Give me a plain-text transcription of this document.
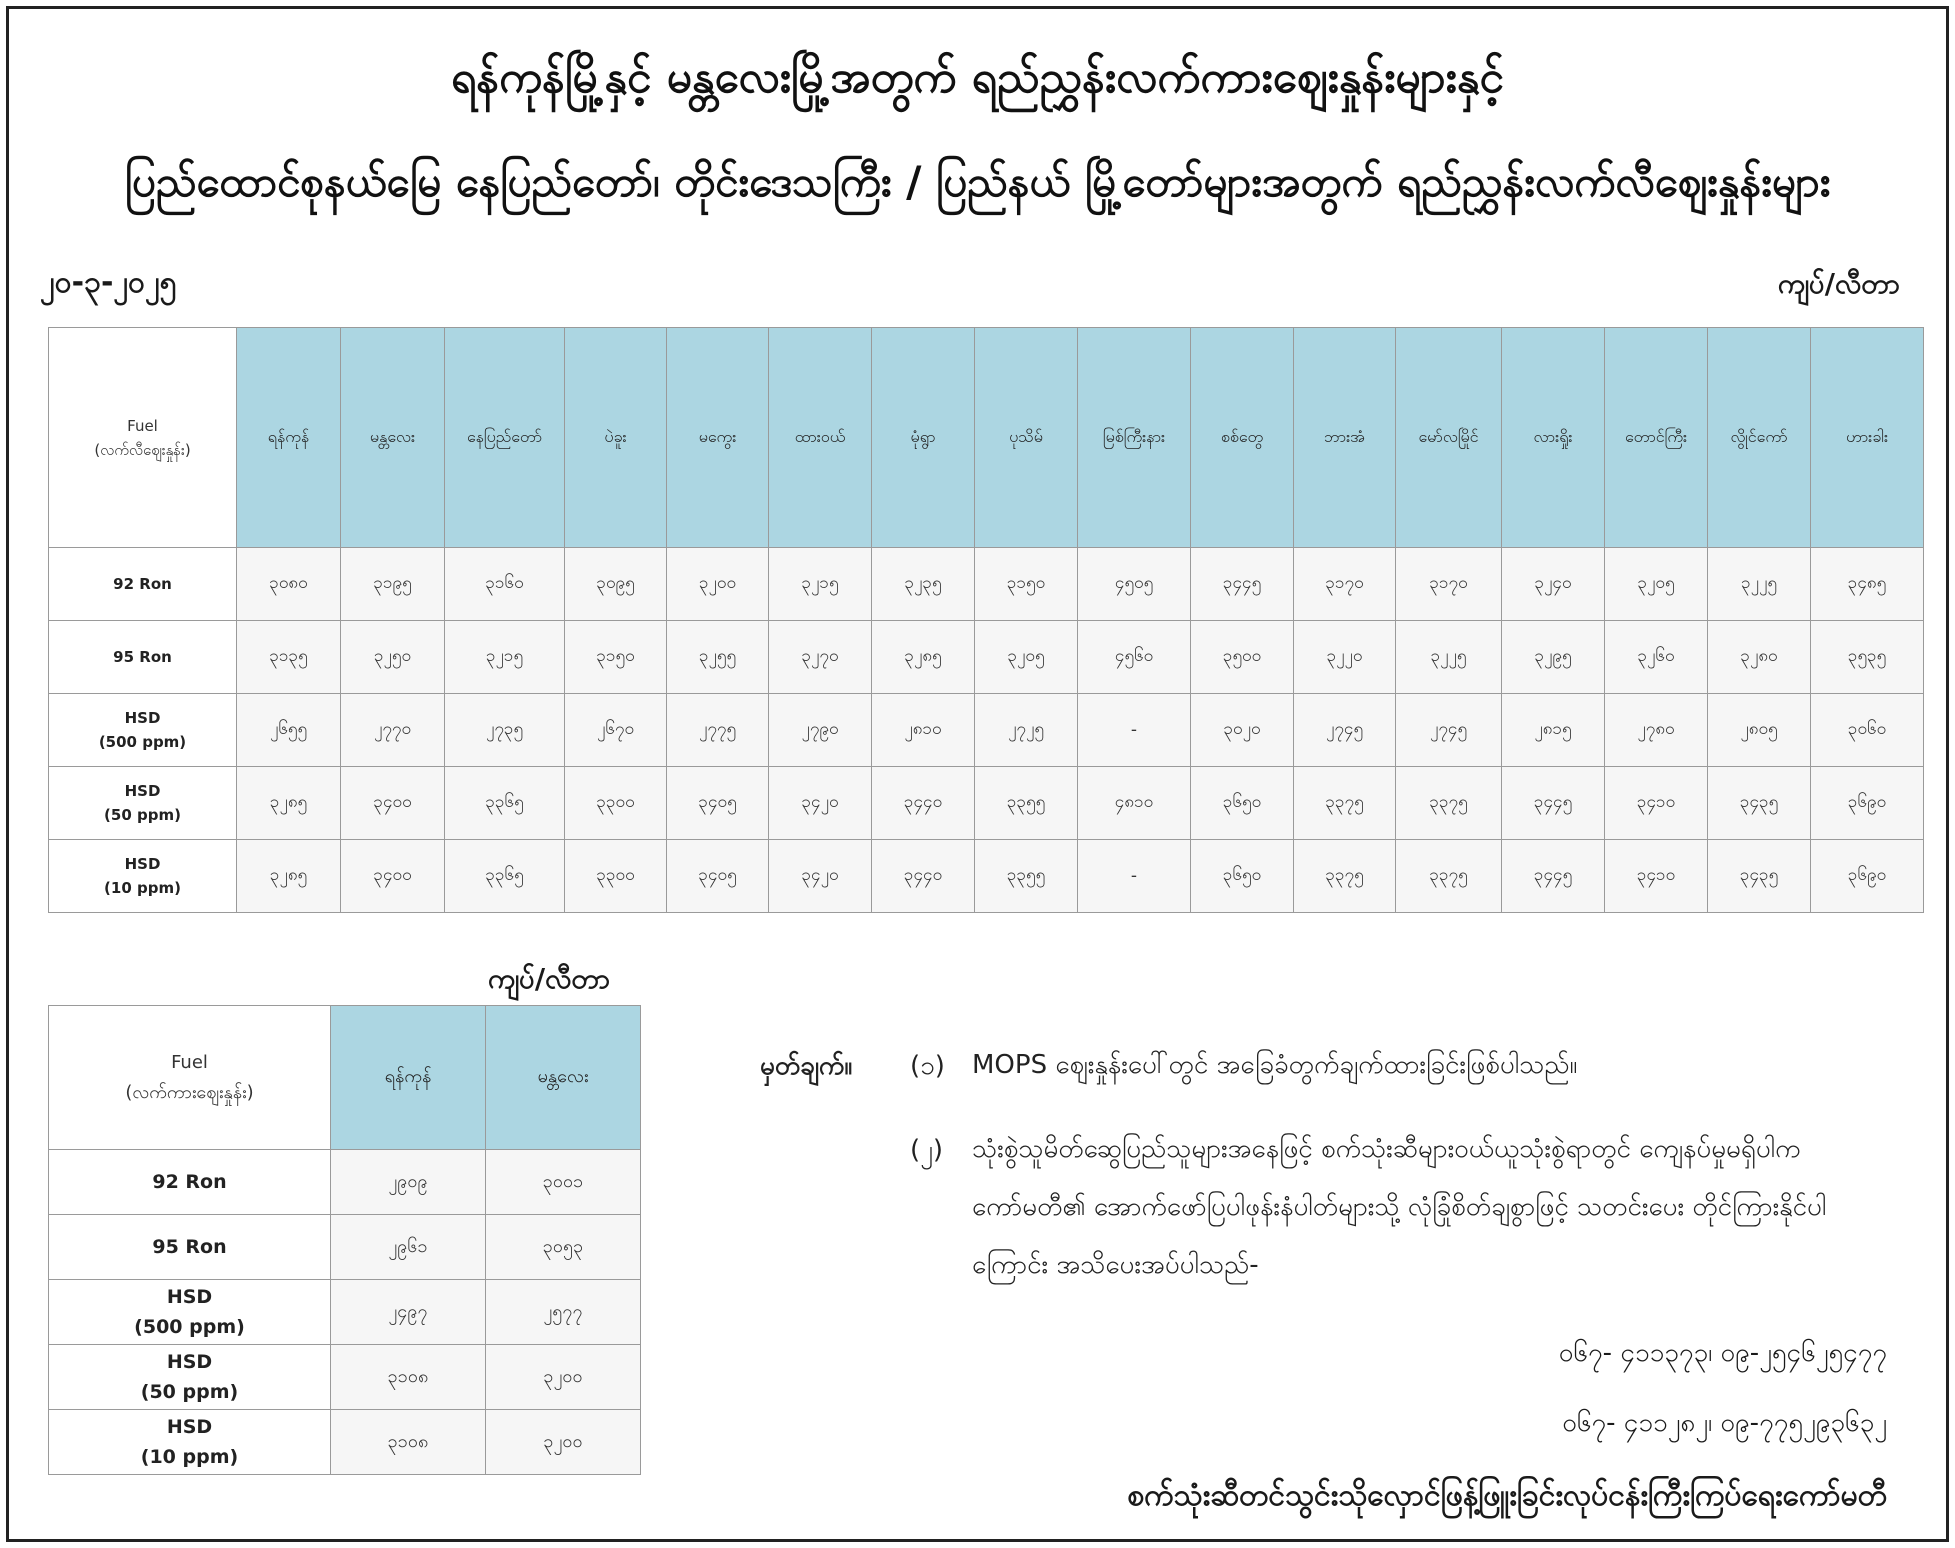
ရန်ကုန်မြို့နှင့် မန္တလေးမြို့အတွက် ရည်ညွှန်းလက်ကားဈေးနှုန်းများနှင့်
ပြည်ထောင်စုနယ်မြေ နေပြည်တော်၊ တိုင်းဒေသကြီး / ပြည်နယ် မြို့တော်များအတွက် ရည်ညွှန်းလက်လီဈေးနှုန်းများ
၂၀-၃-၂၀၂၅	ကျပ်/လီတာ
Fuel
(လက်လီဈေးနှုန်း)	ရန်ကုန်	မန္တလေး	နေပြည်တော်	ပဲခူး	မကွေး	ထားဝယ်	မုံရွာ	ပုသိမ်	မြစ်ကြီးနား	စစ်တွေ	ဘားအံ	မော်လမြိုင်	လားရှိုး	တောင်ကြီး	လွိုင်ကော်	ဟားခါး

92 Ron	၃၀၈၀	၃၁၉၅	၃၁၆၀	၃၀၉၅	၃၂၀၀	၃၂၁၅	၃၂၃၅	၃၁၅၀	၄၅၀၅	၃၄၄၅	၃၁၇၀	၃၁၇၀	၃၂၄၀	၃၂၀၅	၃၂၂၅	၃၄၈၅

95 Ron	၃၁၃၅	၃၂၅၀	၃၂၁၅	၃၁၅၀	၃၂၅၅	၃၂၇၀	၃၂၈၅	၃၂၀၅	၄၅၆၀	၃၅၀၀	၃၂၂၀	၃၂၂၅	၃၂၉၅	၃၂၆၀	၃၂၈၀	၃၅၃၅

HSD
(500 ppm)	၂၆၅၅	၂၇၇၀	၂၇၃၅	၂၆၇၀	၂၇၇၅	၂၇၉၀	၂၈၁၀	၂၇၂၅	-	၃၀၂၀	၂၇၄၅	၂၇၄၅	၂၈၁၅	၂၇၈၀	၂၈၀၅	၃၀၆၀

HSD
(50 ppm)	၃၂၈၅	၃၄၀၀	၃၃၆၅	၃၃၀၀	၃၄၀၅	၃၄၂၀	၃၄၄၀	၃၃၅၅	၄၈၁၀	၃၆၅၀	၃၃၇၅	၃၃၇၅	၃၄၄၅	၃၄၁၀	၃၄၃၅	၃၆၉၀

HSD
(10 ppm)	၃၂၈၅	၃၄၀၀	၃၃၆၅	၃၃၀၀	၃၄၀၅	၃၄၂၀	၃၄၄၀	၃၃၅၅	-	၃၆၅၀	၃၃၇၅	၃၃၇၅	၃၄၄၅	၃၄၁၀	၃၄၃၅	၃၆၉၀
ကျပ်/လီတာ
Fuel
(လက်ကားဈေးနှုန်း)	ရန်ကုန်	မန္တလေး

92 Ron	၂၉၀၉	၃၀၀၁

95 Ron	၂၉၆၁	၃၀၅၃

HSD
(500 ppm)	၂၄၉၇	၂၅၇၇

HSD
(50 ppm)	၃၁၀၈	၃၂၀၀

HSD
(10 ppm)	၃၁၀၈	၃၂၀၀
မှတ်ချက်။ (၁) MOPS ဈေးနှုန်းပေါ်တွင် အခြေခံတွက်ချက်ထားခြင်းဖြစ်ပါသည်။
(၂) သုံးစွဲသူမိတ်ဆွေပြည်သူများအနေဖြင့် စက်သုံးဆီများဝယ်ယူသုံးစွဲရာတွင် ကျေနပ်မှုမရှိပါက ကော်မတီ၏ အောက်ဖော်ပြပါဖုန်းနံပါတ်များသို့ လုံခြုံစိတ်ချစွာဖြင့် သတင်းပေး တိုင်ကြားနိုင်ပါကြောင်း အသိပေးအပ်ပါသည်-
၀၆၇- ၄၁၁၃၇၃၊ ၀၉-၂၅၄၆၂၅၄၇၇
၀၆၇- ၄၁၁၂၈၂၊ ၀၉-၇၇၅၂၉၃၆၃၂
စက်သုံးဆီတင်သွင်းသိုလှောင်ဖြန့်ဖြူးခြင်းလုပ်ငန်းကြီးကြပ်ရေးကော်မတီ
